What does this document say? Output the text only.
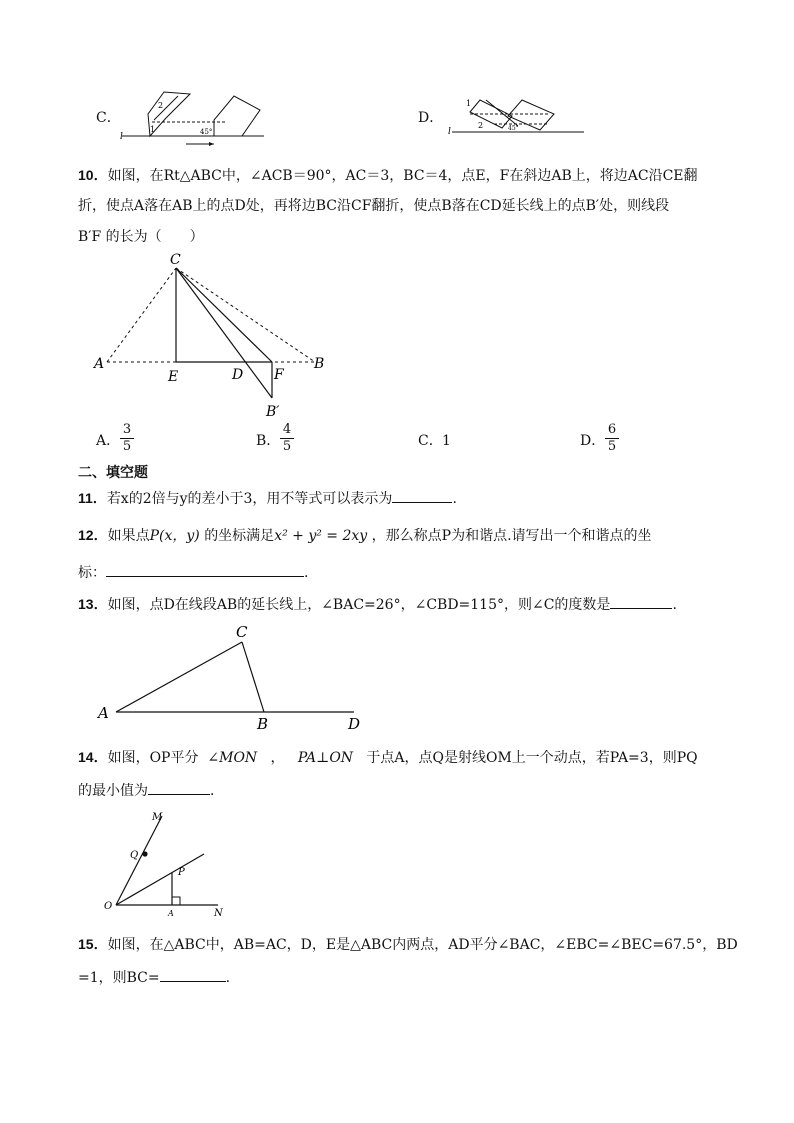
C．
2
1	45°
l
D．
1
2	45°
l
10．如图，在Rt△ABC中，∠ACB＝90°，AC＝3，BC＝4，点E，F在斜边AB上，将边AC沿CE翻
折，使点A落在AB上的点D处，再将边BC沿CF翻折，使点B落在CD延长线上的点B′处，则线段
B′F 的长为（　　）
C
A
E	D F
B
B′
A． $\frac{3}{5}$	B． $\frac{4}{5}$	C． 1	D． $\frac{6}{5}$
二、填空题
11．若x的2倍与y的差小于3，用不等式可以表示为	.
12．如果点P(x，y) 的坐标满足x² + y² = 2xy ，那么称点P为和谐点.请写出一个和谐点的坐
标：	.
13．如图，点D在线段AB的延长线上，∠BAC=26°，∠CBD=115°，则∠C的度数是	.
C
A
B	D
14．如图，OP平分 ∠MON ， PA⊥ON 于点A，点Q是射线OM上一个动点，若PA=3，则PQ
的最小值为	．
M
Q
P
O
A	N
15．如图，在△ABC中，AB=AC，D，E是△ABC内两点，AD平分∠BAC，∠EBC=∠BEC=67.5°，BD
=1，则BC=	.
